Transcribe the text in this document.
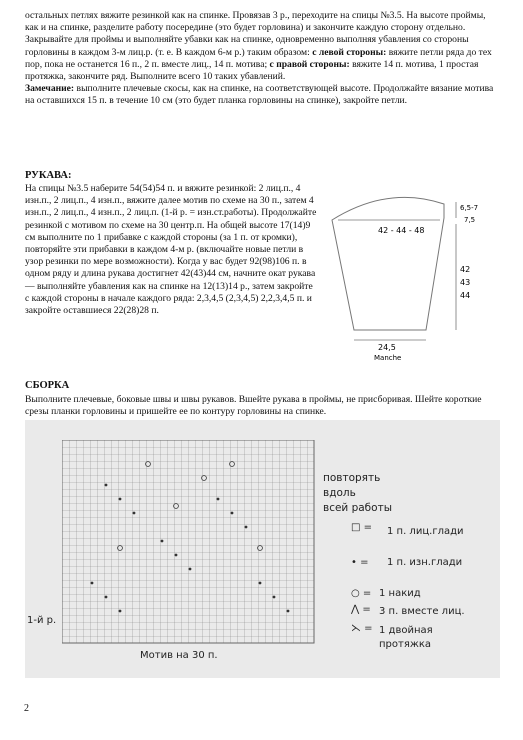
остальных петлях вяжите резинкой как на спинке. Провязав 3 р., переходите на спицы №3.5. На высоте проймы, как и на спинке, разделите работу посередине (это будет горловина) и закончите каждую сторону отдельно. Закрывайте для проймы и выполняйте убавки как на спинке, одновременно выполняя убавления со стороны горловины в каждом 3-м лиц.р. (т. е. В каждом 6-м р.) таким образом: с левой стороны: вяжите петли ряда до тех пор, пока не останется 16 п., 2 п. вместе лиц., 14 п. мотива; с правой стороны: вяжите 14 п. мотива, 1 простая протяжка, закончите ряд. Выполните всего 10 таких убавлений.
Замечание: выполните плечевые скосы, как на спинке, на соответствующей высоте. Продолжайте вязание мотива на оставшихся 15 п. в течение 10 см (это будет планка горловины на спинке), закройте петли.
РУКАВА:
На спицы №3.5 наберите 54(54)54 п. и вяжите резинкой: 2 лиц.п., 4 изн.п., 2 лиц.п., 4 изн.п., вяжите далее мотив по схеме на 30 п., затем 4 изн.п., 2 лиц.п., 4 изн.п., 2 лиц.п. (1-й р. = изн.ст.работы). Продолжайте резинкой с мотивом по схеме на 30 центр.п. На общей высоте 17(14)9 см выполните по 1 прибавке с каждой стороны (за 1 п. от кромки), повторяйте эти прибавки в каждом 4-м р. (включайте новые петли в узор резинки по мере возможности). Когда у вас будет 92(98)106 п. в одном ряду и длина рукава достигнет 42(43)44 см, начните окат рукава — выполняйте убавления как на спинке на 12(13)14 р., затем закройте с каждой стороны в начале каждого ряда: 2,3,4,5 (2,3,4,5) 2,2,3,4,5 п. и закройте оставшиеся 22(28)28 п.
42 - 44 - 48
6,5-7
7,5
42
43
44
24,5
Manche
СБОРКА
Выполните плечевые, боковые швы и швы рукавов. Вшейте рукава в проймы, не присборивая. Шейте короткие срезы планки горловины и пришейте ее по контуру горловины на спинке.
повторять
вдоль
всей работы
1-й р.
Мотив на 30 п.
□ = 1 п. лиц.глади
• = 1 п. изн.глади
○ = 1 накид
⋀ = 3 п. вместе лиц.
⋋ = 1 двойная
протяжка
2
